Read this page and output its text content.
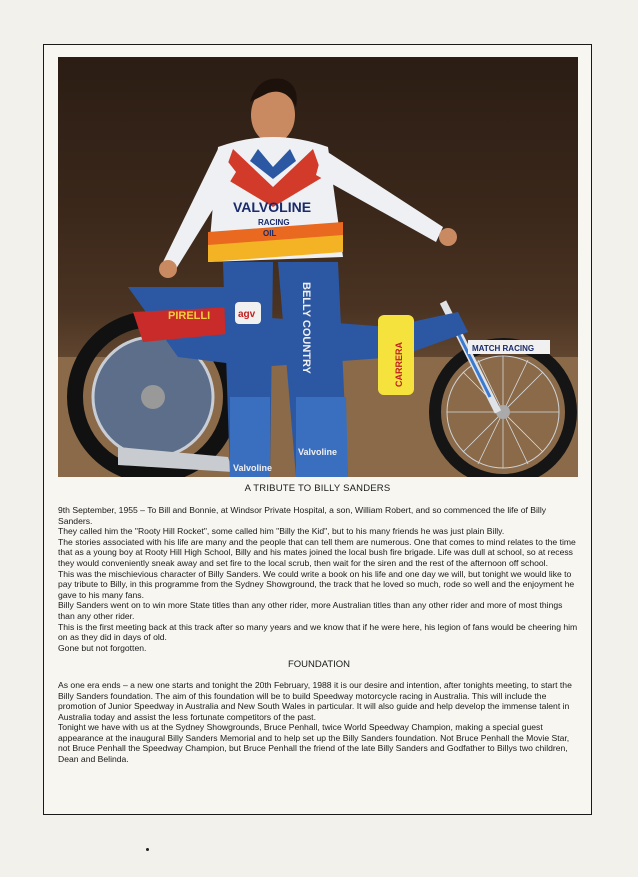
PIRELLI
CARRERA	MATCH RACING
VALVOLINE
RACING
OIL
agv	BELLY COUNTRY
Valvoline
Valvoline
A TRIBUTE TO BILLY SANDERS

9th September, 1955 – To Bill and Bonnie, at Windsor Private Hospital, a son, William Robert, and so commenced the life of Billy Sanders.

They called him the "Rooty Hill Rocket", some called him "Billy the Kid", but to his many friends he was just plain Billy.

The stories associated with his life are many and the people that can tell them are numerous. One that comes to mind relates to the time that as a young boy at Rooty Hill High School, Billy and his mates joined the local bush fire brigade. Life was dull at school, so at recess they would conveniently sneak away and set fire to the local scrub, then wait for the siren and the rest of the afternoon off school.

This was the mischievious character of Billy Sanders. We could write a book on his life and one day we will, but tonight we would like to pay tribute to Billy, in this programme from the Sydney Showground, the track that he loved so much, rode so well and the enjoyment he gave to his many fans.

Billy Sanders went on to win more State titles than any other rider, more Australian titles than any other rider and more of most things than any other rider.

This is the first meeting back at this track after so many years and we know that if he were here, his legion of fans would be cheering him on as they did in days of old.

Gone but not forgotten.

FOUNDATION

As one era ends – a new one starts and tonight the 20th February, 1988 it is our desire and intention, after tonights meeting, to start the Billy Sanders foundation. The aim of this foundation will be to build Speedway motorcycle racing in Australia. This will include the promotion of Junior Speedway in Australia and New South Wales in particular. It will also guide and help develop the immense talent in Australia today and assist the less fortunate competitors of the past.

Tonight we have with us at the Sydney Showgrounds, Bruce Penhall, twice World Speedway Champion, making a special guest appearance at the inaugural Billy Sanders Memorial and to help set up the Billy Sanders foundation. Not Bruce Penhall the Movie Star, not Bruce Penhall the Speedway Champion, but Bruce Penhall the friend of the late Billy Sanders and Godfather to Billys two children, Dean and Belinda.
